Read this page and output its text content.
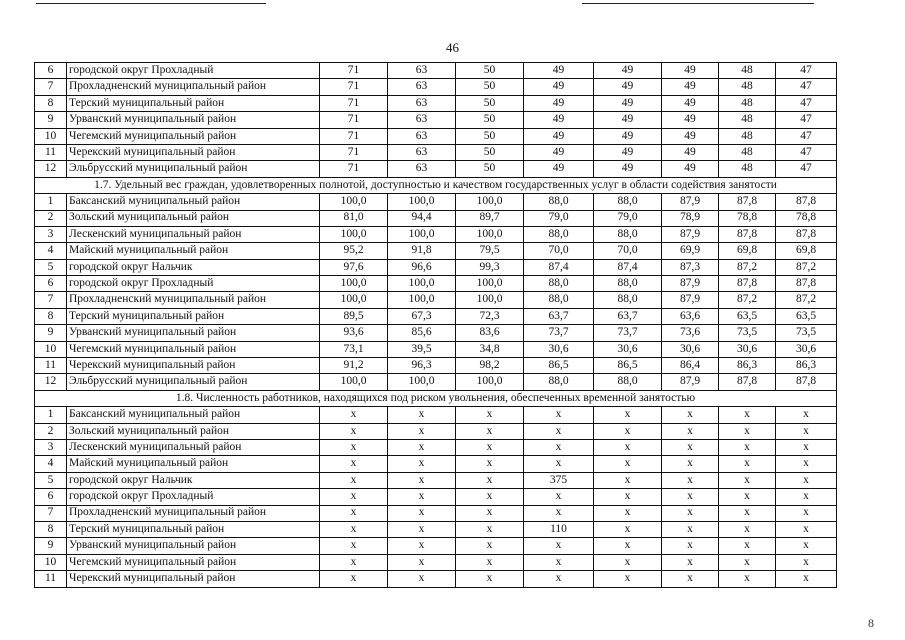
46
6	городской округ Прохладный	71	63	50	49	49	49	48	47
7	Прохладненский муниципальный район	71	63	50	49	49	49	48	47
8	Терский муниципальный район	71	63	50	49	49	49	48	47
9	Урванский муниципальный район	71	63	50	49	49	49	48	47
10	Чегемский муниципальный район	71	63	50	49	49	49	48	47
11	Черекский муниципальный район	71	63	50	49	49	49	48	47
12	Эльбрусский муниципальный район	71	63	50	49	49	49	48	47
1.7. Удельный вес граждан, удовлетворенных полнотой, доступностью и качеством государственных услуг в области содействия занятости									
1	Баксанский муниципальный район	100,0	100,0	100,0	88,0	88,0	87,9	87,8	87,8
2	Зольский муниципальный район	81,0	94,4	89,7	79,0	79,0	78,9	78,8	78,8
3	Лескенский муниципальный район	100,0	100,0	100,0	88,0	88,0	87,9	87,8	87,8
4	Майский муниципальный район	95,2	91,8	79,5	70,0	70,0	69,9	69,8	69,8
5	городской округ Нальчик	97,6	96,6	99,3	87,4	87,4	87,3	87,2	87,2
6	городской округ Прохладный	100,0	100,0	100,0	88,0	88,0	87,9	87,8	87,8
7	Прохладненский муниципальный район	100,0	100,0	100,0	88,0	88,0	87,9	87,2	87,2
8	Терский муниципальный район	89,5	67,3	72,3	63,7	63,7	63,6	63,5	63,5
9	Урванский муниципальный район	93,6	85,6	83,6	73,7	73,7	73,6	73,5	73,5
10	Чегемский муниципальный район	73,1	39,5	34,8	30,6	30,6	30,6	30,6	30,6
11	Черекский муниципальный район	91,2	96,3	98,2	86,5	86,5	86,4	86,3	86,3
12	Эльбрусский муниципальный район	100,0	100,0	100,0	88,0	88,0	87,9	87,8	87,8
1.8. Численность работников, находящихся под риском увольнения, обеспеченных временной занятостью									
1	Баксанский муниципальный район	x	x	x	x	x	x	x	x
2	Зольский муниципальный район	x	x	x	x	x	x	x	x
3	Лескенский муниципальный район	x	x	x	x	x	x	x	x
4	Майский муниципальный район	x	x	x	x	x	x	x	x
5	городской округ Нальчик	x	x	x	375	x	x	x	x
6	городской округ Прохладный	x	x	x	x	x	x	x	x
7	Прохладненский муниципальный район	x	x	x	x	x	x	x	x
8	Терский муниципальный район	x	x	x	110	x	x	x	x
9	Урванский муниципальный район	x	x	x	x	x	x	x	x
10	Чегемский муниципальный район	x	x	x	x	x	x	x	x
11	Черекский муниципальный район	x	x	x	x	x	x	x	x
8
